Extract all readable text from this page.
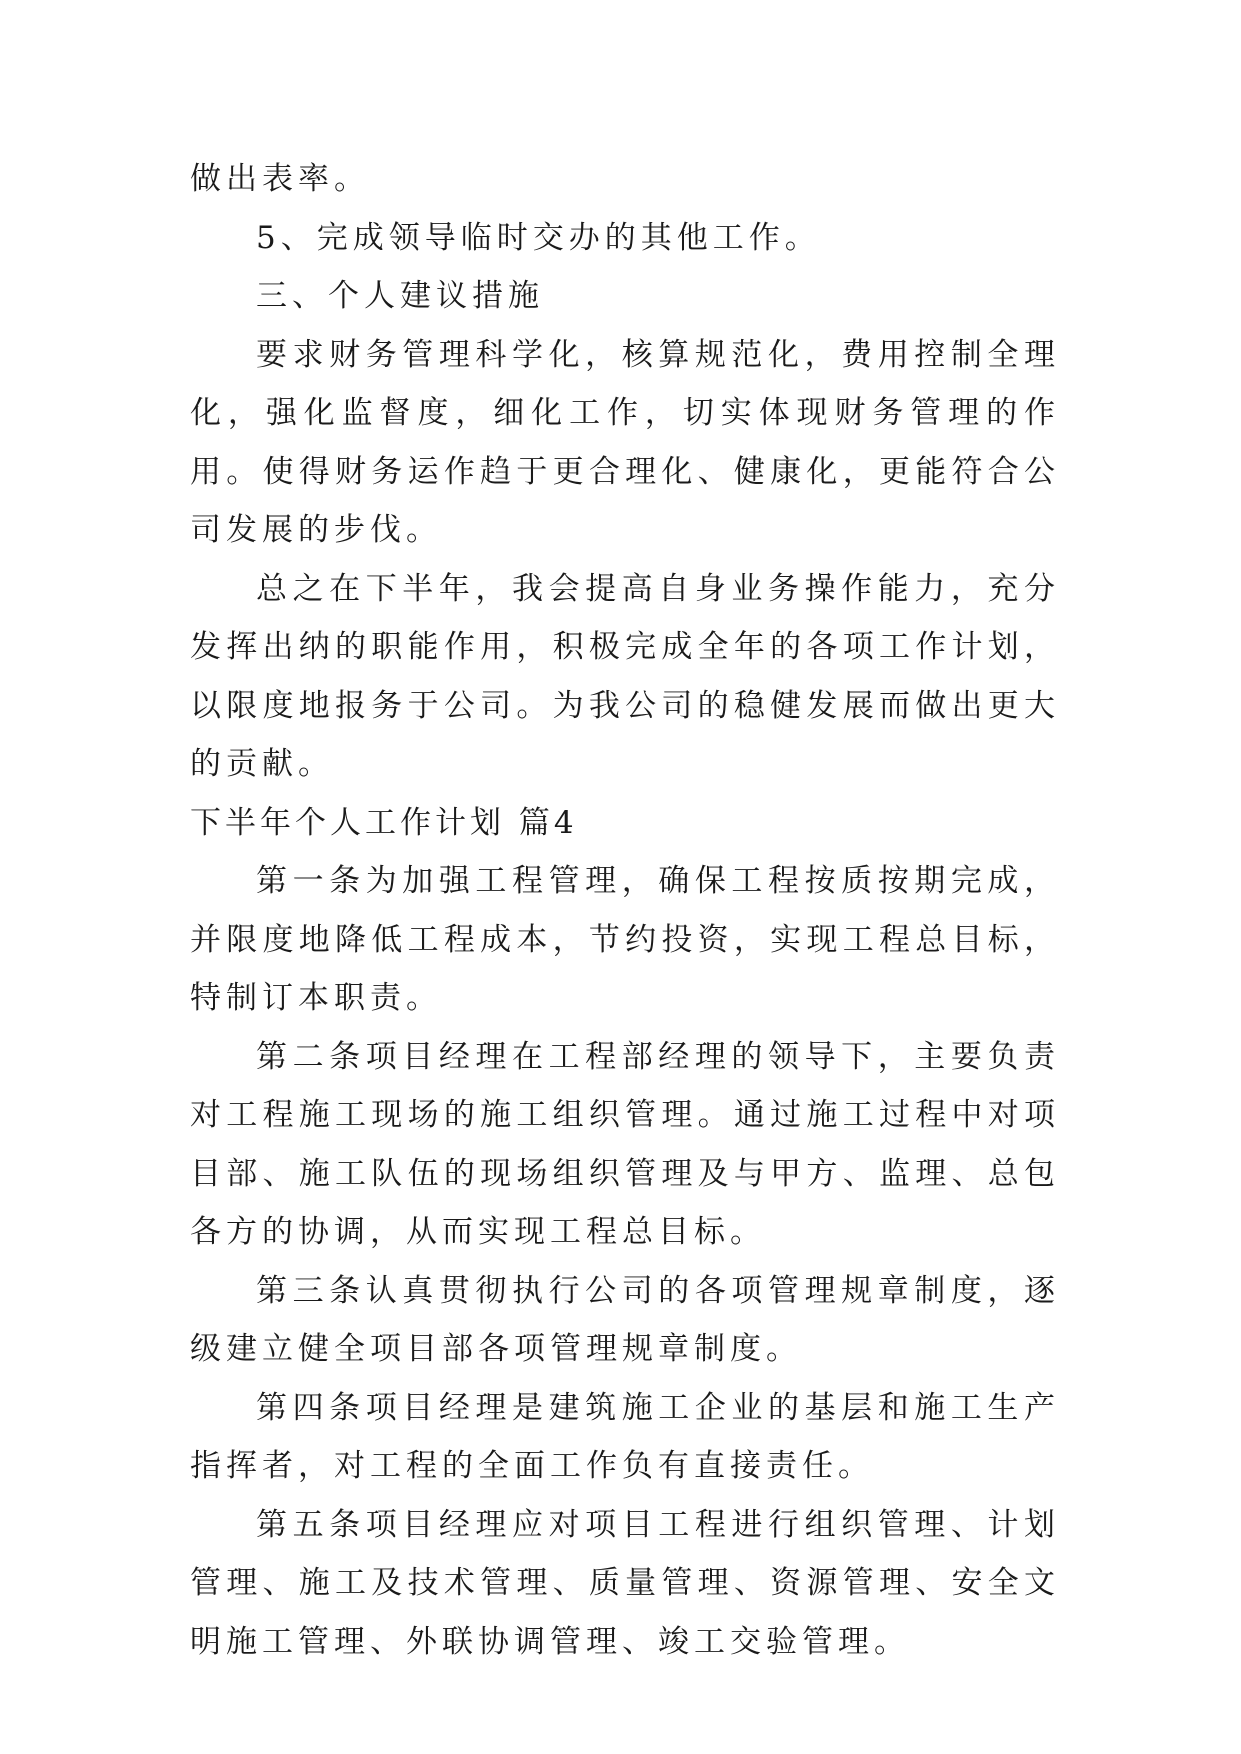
做出表率。

5、完成领导临时交办的其他工作。

三、个人建议措施

要求财务管理科学化，核算规范化，费用控制全理化，强化监督度，细化工作，切实体现财务管理的作用。使得财务运作趋于更合理化、健康化，更能符合公司发展的步伐。

总之在下半年，我会提高自身业务操作能力，充分发挥出纳的职能作用，积极完成全年的各项工作计划，以限度地报务于公司。为我公司的稳健发展而做出更大的贡献。

下半年个人工作计划 篇4

第一条为加强工程管理，确保工程按质按期完成，并限度地降低工程成本，节约投资，实现工程总目标，特制订本职责。

第二条项目经理在工程部经理的领导下，主要负责对工程施工现场的施工组织管理。通过施工过程中对项目部、施工队伍的现场组织管理及与甲方、监理、总包各方的协调，从而实现工程总目标。

第三条认真贯彻执行公司的各项管理规章制度，逐级建立健全项目部各项管理规章制度。

第四条项目经理是建筑施工企业的基层和施工生产指挥者，对工程的全面工作负有直接责任。

第五条项目经理应对项目工程进行组织管理、计划管理、施工及技术管理、质量管理、资源管理、安全文明施工管理、外联协调管理、竣工交验管理。
